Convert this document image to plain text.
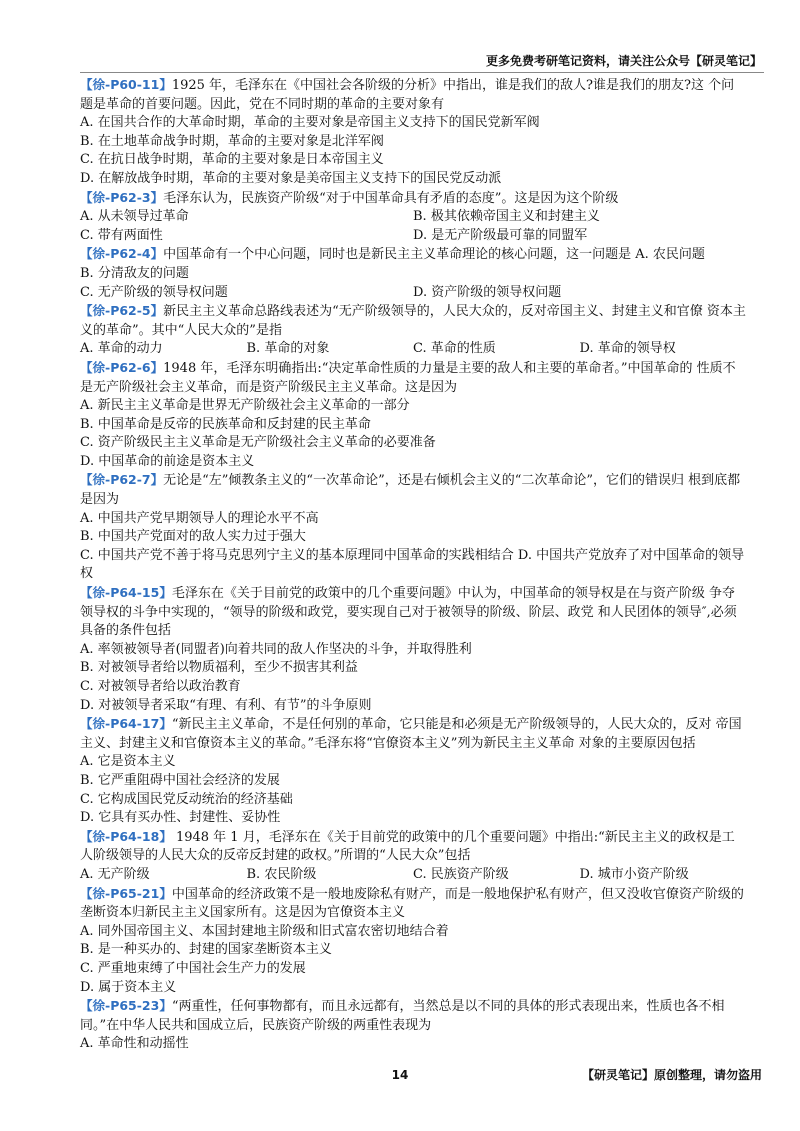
更多免费考研笔记资料，请关注公众号【研灵笔记】

【徐-P60-11】1925 年，毛泽东在《中国社会各阶级的分析》中指出，谁是我们的敌人?谁是我们的朋友?这 个问题是革命的首要问题。因此，党在不同时期的革命的主要对象有

A. 在国共合作的大革命时期，革命的主要对象是帝国主义支持下的国民党新军阀

B. 在土地革命战争时期，革命的主要对象是北洋军阀

C. 在抗日战争时期，革命的主要对象是日本帝国主义

D. 在解放战争时期，革命的主要对象是美帝国主义支持下的国民党反动派

【徐-P62-3】毛泽东认为，民族资产阶级“对于中国革命具有矛盾的态度”。这是因为这个阶级

A. 从未领导过革命	B. 极其依赖帝国主义和封建主义

C. 带有两面性	D. 是无产阶级最可靠的同盟军

【徐-P62-4】中国革命有一个中心问题，同时也是新民主主义革命理论的核心问题，这一问题是 A. 农民问题

B. 分清敌友的问题

C. 无产阶级的领导权问题	D. 资产阶级的领导权问题

【徐-P62-5】新民主主义革命总路线表述为“无产阶级领导的，人民大众的，反对帝国主义、封建主义和官僚 资本主义的革命”。其中“人民大众的”是指

A. 革命的动力	B. 革命的对象	C. 革命的性质	D. 革命的领导权

【徐-P62-6】1948 年，毛泽东明确指出:“决定革命性质的力量是主要的敌人和主要的革命者。”中国革命的 性质不是无产阶级社会主义革命，而是资产阶级民主主义革命。这是因为

A. 新民主主义革命是世界无产阶级社会主义革命的一部分

B. 中国革命是反帝的民族革命和反封建的民主革命

C. 资产阶级民主主义革命是无产阶级社会主义革命的必要准备

D. 中国革命的前途是资本主义

【徐-P62-7】无论是“左”倾教条主义的“一次革命论”，还是右倾机会主义的“二次革命论”，它们的错误归 根到底都是因为

A. 中国共产党早期领导人的理论水平不高

B. 中国共产党面对的敌人实力过于强大

C. 中国共产党不善于将马克思列宁主义的基本原理同中国革命的实践相结合 D. 中国共产党放弃了对中国革命的领导权

【徐-P64-15】毛泽东在《关于目前党的政策中的几个重要问题》中认为，中国革命的领导权是在与资产阶级 争夺领导权的斗争中实现的，“领导的阶级和政党，要实现自己对于被领导的阶级、阶层、政党 和人民团体的领导″,必须具备的条件包括

A. 率领被领导者(同盟者)向着共同的敌人作坚决的斗争，并取得胜利

B. 对被领导者给以物质福利，至少不损害其利益

C. 对被领导者给以政治教育

D. 对被领导者采取“有理、有利、有节”的斗争原则

【徐-P64-17】“新民主主义革命，不是任何别的革命，它只能是和必须是无产阶级领导的，人民大众的，反对 帝国主义、封建主义和官僚资本主义的革命。”毛泽东将“官僚资本主义”列为新民主主义革命 对象的主要原因包括

A. 它是资本主义

B. 它严重阻碍中国社会经济的发展

C. 它构成国民党反动统治的经济基础

D. 它具有买办性、封建性、妥协性

【徐-P64-18】 1948 年 1 月，毛泽东在《关于目前党的政策中的几个重要问题》中指出:“新民主主义的政权是工人阶级领导的人民大众的反帝反封建的政权。”所谓的“人民大众”包括

A. 无产阶级	B. 农民阶级	C. 民族资产阶级	D. 城市小资产阶级

【徐-P65-21】中国革命的经济政策不是一般地废除私有财产，而是一般地保护私有财产，但又没收官僚资产阶级的垄断资本归新民主主义国家所有。这是因为官僚资本主义

A. 同外国帝国主义、本国封建地主阶级和旧式富农密切地结合着

B. 是一种买办的、封建的国家垄断资本主义

C. 严重地束缚了中国社会生产力的发展

D. 属于资本主义

【徐-P65-23】“两重性，任何事物都有，而且永远都有，当然总是以不同的具体的形式表现出来，性质也各不相同。”在中华人民共和国成立后，民族资产阶级的两重性表现为

A. 革命性和动摇性

14	【研灵笔记】原创整理，请勿盗用
